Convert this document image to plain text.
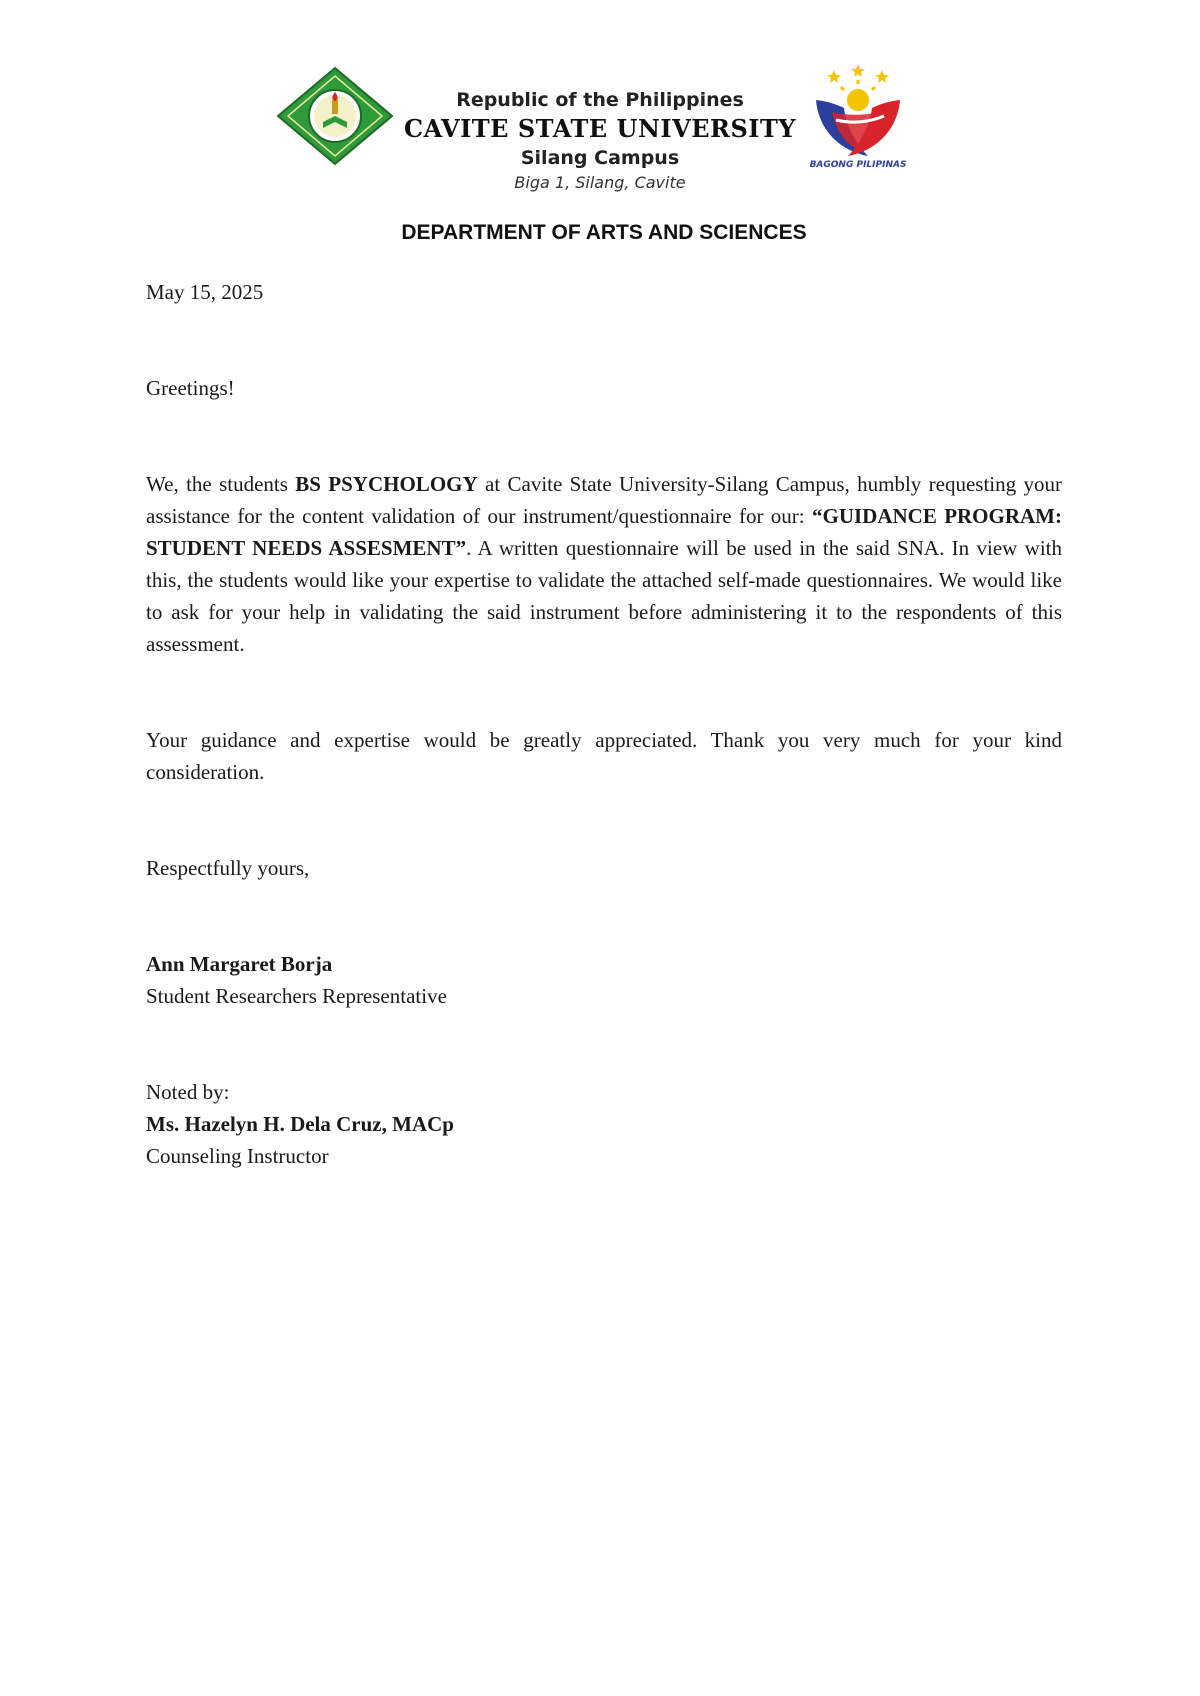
Republic of the Philippines
CAVITE STATE UNIVERSITY
Silang Campus
Biga 1, Silang, Cavite
BAGONG PILIPINAS
DEPARTMENT OF ARTS AND SCIENCES

May 15, 2025

Greetings!

We, the students BS PSYCHOLOGY at Cavite State University-Silang Campus, humbly requesting your assistance for the content validation of our instrument/questionnaire for our: “GUIDANCE PROGRAM: STUDENT NEEDS ASSESMENT”. A written questionnaire will be used in the said SNA. In view with this, the students would like your expertise to validate the attached self-made questionnaires. We would like to ask for your help in validating the said instrument before administering it to the respondents of this assessment.

Your guidance and expertise would be greatly appreciated. Thank you very much for your kind consideration.

Respectfully yours,

Ann Margaret Borja

Student Researchers Representative

Noted by:

Ms. Hazelyn H. Dela Cruz, MACp

Counseling Instructor
